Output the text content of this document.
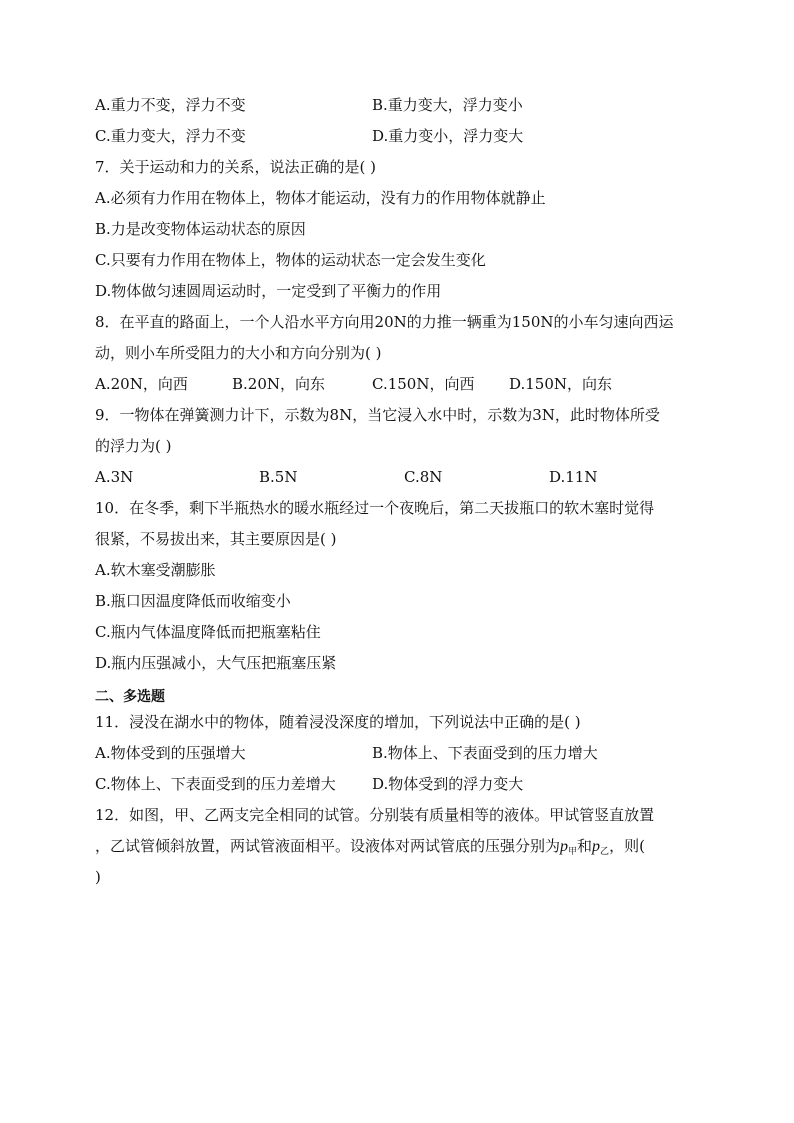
A.重力不变，浮力不变	B.重力变大，浮力变小
C.重力变大，浮力不变	D.重力变小，浮力变大
7．关于运动和力的关系，说法正确的是( )
A.必须有力作用在物体上，物体才能运动，没有力的作用物体就静止
B.力是改变物体运动状态的原因
C.只要有力作用在物体上，物体的运动状态一定会发生变化
D.物体做匀速圆周运动时，一定受到了平衡力的作用
8．在平直的路面上，一个人沿水平方向用20N的力推一辆重为150N的小车匀速向西运
动，则小车所受阻力的大小和方向分别为( )
A.20N，向西	B.20N，向东	C.150N，向西 D.150N，向东
9．一物体在弹簧测力计下，示数为8N，当它浸入水中时，示数为3N，此时物体所受
的浮力为( )
A.3N	B.5N	C.8N	D.11N
10．在冬季，剩下半瓶热水的暖水瓶经过一个夜晚后，第二天拔瓶口的软木塞时觉得
很紧，不易拔出来，其主要原因是( )
A.软木塞受潮膨胀
B.瓶口因温度降低而收缩变小
C.瓶内气体温度降低而把瓶塞粘住
D.瓶内压强减小，大气压把瓶塞压紧
二、多选题
11．浸没在湖水中的物体，随着浸没深度的增加，下列说法中正确的是( )
A.物体受到的压强增大	B.物体上、下表面受到的压力增大
C.物体上、下表面受到的压力差增大 D.物体受到的浮力变大
12．如图，甲、乙两支完全相同的试管。分别装有质量相等的液体。甲试管竖直放置
，乙试管倾斜放置，两试管液面相平。设液体对两试管底的压强分别为$p_甲$和$p_乙$，则(
)
